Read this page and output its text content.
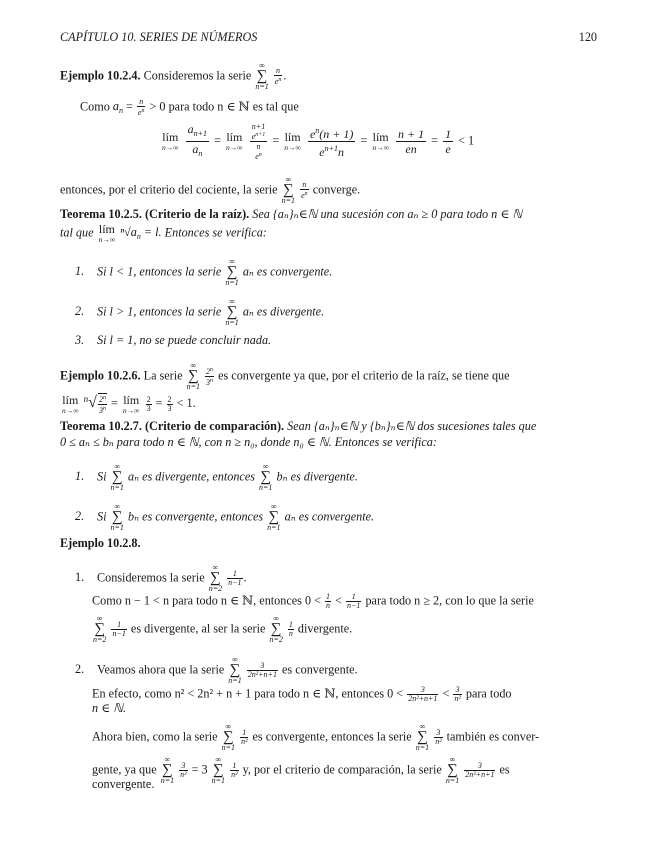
CAPÍTULO 10. SERIES DE NÚMEROS	120
Ejemplo 10.2.4. Consideremos la serie
∞
∑
n=1

$\frac{n}{e^n}$ .
Como $a_n = \frac{n}{e^n} > 0$ para todo n ∈ ℕ es tal que
lím
n→∞
$\frac{a_{n+1}}{a_n}$ = lím
n→∞

n+1
$e^{n+1}$
n
$e^n$
= lím
n→∞
$\frac{e^n(n + 1)}{e^{n+1}n}$ = lím
n→∞
$\frac{n + 1}{en} = \frac{1}{e} < 1$
entonces, por el criterio del cociente, la serie
∞
∑
n=1

$\frac{n}{e^n}$ converge.
Teorema 10.2.5. (Criterio de la raíz). Sea {aₙ}ₙ∈ℕ una sucesión con aₙ ≥ 0 para todo n ∈ ℕ
tal que lím
n→∞
$^n√a_n = l$. Entonces se verifica:
1. Si l < 1, entonces la serie
∞
∑
n=1
aₙ es convergente.
2. Si l > 1, entonces la serie
∞
∑
n=1
aₙ es divergente.
3. Si l = 1, no se puede concluir nada.
Ejemplo 10.2.6. La serie
∞
∑
n=1
$\frac{2^n}{3^n}$ es convergente ya que, por el criterio de la raíz, se tiene que
lím
n→∞
$^n√ \frac{2^n}{3^n}$ = lím
n→∞
$\frac{2}{3} = \frac{2}{3} < 1$.
Teorema 10.2.7. (Criterio de comparación). Sean {aₙ}ₙ∈ℕ y {bₙ}ₙ∈ℕ dos sucesiones tales que
0 ≤ aₙ ≤ bₙ para todo n ∈ ℕ, con n ≥ n₀, donde n₀ ∈ ℕ. Entonces se verifica:
1. Si
∞
∑
n=1
aₙ es divergente, entonces
∞
∑
n=1
bₙ es divergente.
2. Si
∞
∑
n=1
bₙ es convergente, entonces
∞
∑
n=1
aₙ es convergente.
Ejemplo 10.2.8.
1. Consideremos la serie
∞
∑
n=2

$\frac{1}{n-1}$ .
Como n − 1 < n para todo n ∈ ℕ, entonces $0 < \frac{1}{n} < \frac{1}{n-1}$ para todo n ≥ 2, con lo que la serie
∞
∑
n=2

$\frac{1}{n-1}$ es divergente, al ser la serie
∞
∑
n=2

$\frac{1}{n}$ divergente.
2. Veamos ahora que la serie
∞
∑
n=1

$\frac{3}{\text{2n²+n+1}}$ es convergente.
En efecto, como n² < 2n² + n + 1 para todo n ∈ ℕ, entonces $0 < \frac{3}{\text{2n²+n+1}} < \frac{3}{\text{n²}}$ para todo
n ∈ ℕ.
Ahora bien, como la serie
∞
∑
n=1

$\frac{1}{\text{n²}}$ es convergente, entonces la serie
∞
∑
n=1

$\frac{3}{\text{n²}}$ también es conver-
gente, ya que
∞
∑
n=1

$\frac{3}{\text{n²}} = 3$
∞
∑
n=1

$\frac{1}{\text{n²}} y$, por el criterio de comparación, la serie
∞
∑
n=1

$\frac{3}{\text{2n²+n+1}}$ es
convergente.
